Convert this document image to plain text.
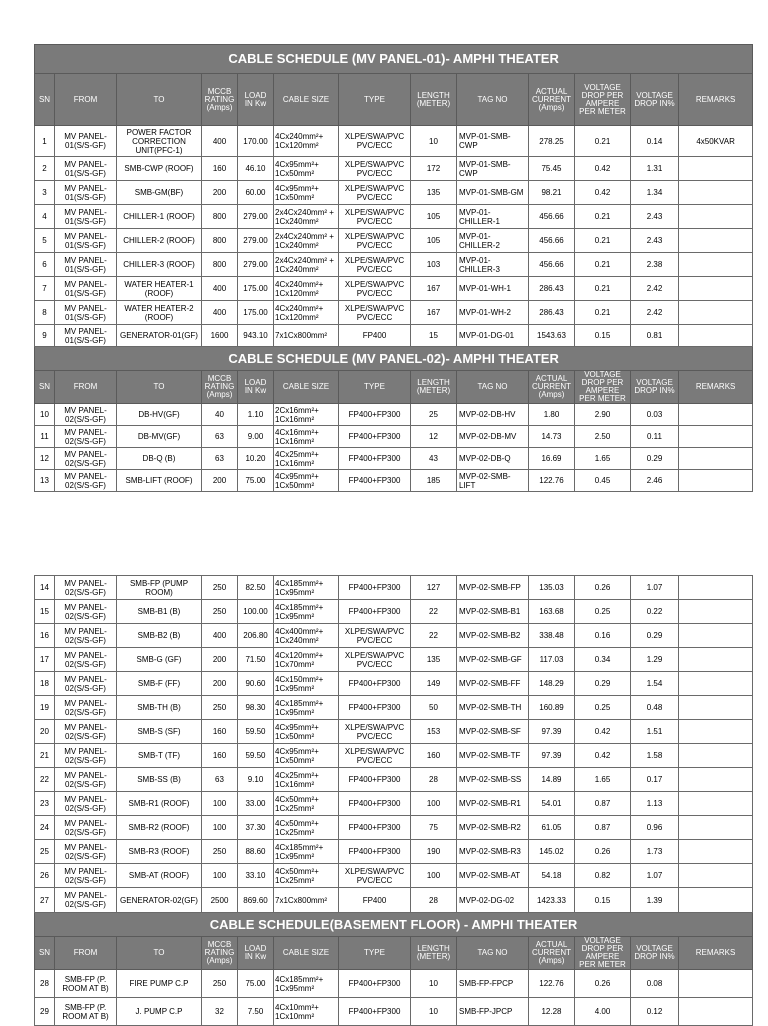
CABLE SCHEDULE (MV PANEL-01)- AMPHI THEATER												
SN	FROM	TO	MCCB RATING (Amps)	LOAD IN Kw	CABLE SIZE	TYPE	LENGTH (METER)	TAG NO	ACTUAL CURRENT (Amps)	VOLTAGE DROP PER AMPERE PER METER	VOLTAGE DROP IN%	REMARKS
1	MV PANEL-01(S/S-GF)	POWER FACTOR CORRECTION UNIT(PFC-1)	400	170.00	4Cx240mm²+ 1Cx120mm²	XLPE/SWA/PVC PVC/ECC	10	MVP-01-SMB-CWP	278.25	0.21	0.14	4x50KVAR
2	MV PANEL-01(S/S-GF)	SMB-CWP (ROOF)	160	46.10	4Cx95mm²+ 1Cx50mm²	XLPE/SWA/PVC PVC/ECC	172	MVP-01-SMB-CWP	75.45	0.42	1.31	
3	MV PANEL-01(S/S-GF)	SMB-GM(BF)	200	60.00	4Cx95mm²+ 1Cx50mm²	XLPE/SWA/PVC PVC/ECC	135	MVP-01-SMB-GM	98.21	0.42	1.34	
4	MV PANEL-01(S/S-GF)	CHILLER-1 (ROOF)	800	279.00	2x4Cx240mm² + 1Cx240mm²	XLPE/SWA/PVC PVC/ECC	105	MVP-01-CHILLER-1	456.66	0.21	2.43	
5	MV PANEL-01(S/S-GF)	CHILLER-2 (ROOF)	800	279.00	2x4Cx240mm² + 1Cx240mm²	XLPE/SWA/PVC PVC/ECC	105	MVP-01-CHILLER-2	456.66	0.21	2.43	
6	MV PANEL-01(S/S-GF)	CHILLER-3 (ROOF)	800	279.00	2x4Cx240mm² + 1Cx240mm²	XLPE/SWA/PVC PVC/ECC	103	MVP-01-CHILLER-3	456.66	0.21	2.38	
7	MV PANEL-01(S/S-GF)	WATER HEATER-1 (ROOF)	400	175.00	4Cx240mm²+ 1Cx120mm²	XLPE/SWA/PVC PVC/ECC	167	MVP-01-WH-1	286.43	0.21	2.42	
8	MV PANEL-01(S/S-GF)	WATER HEATER-2 (ROOF)	400	175.00	4Cx240mm²+ 1Cx120mm²	XLPE/SWA/PVC PVC/ECC	167	MVP-01-WH-2	286.43	0.21	2.42	
9	MV PANEL-01(S/S-GF)	GENERATOR-01(GF)	1600	943.10	7x1Cx800mm²	FP400	15	MVP-01-DG-01	1543.63	0.15	0.81	
CABLE SCHEDULE (MV PANEL-02)- AMPHI THEATER												
SN	FROM	TO	MCCB RATING (Amps)	LOAD IN Kw	CABLE SIZE	TYPE	LENGTH (METER)	TAG NO	ACTUAL CURRENT (Amps)	VOLTAGE DROP PER AMPERE PER METER	VOLTAGE DROP IN%	REMARKS
10	MV PANEL-02(S/S-GF)	DB-HV(GF)	40	1.10	2Cx16mm²+ 1Cx16mm²	FP400+FP300	25	MVP-02-DB-HV	1.80	2.90	0.03	
11	MV PANEL-02(S/S-GF)	DB-MV(GF)	63	9.00	4Cx16mm²+ 1Cx16mm²	FP400+FP300	12	MVP-02-DB-MV	14.73	2.50	0.11	
12	MV PANEL-02(S/S-GF)	DB-Q (B)	63	10.20	4Cx25mm²+ 1Cx16mm²	FP400+FP300	43	MVP-02-DB-Q	16.69	1.65	0.29	
13	MV PANEL-02(S/S-GF)	SMB-LIFT (ROOF)	200	75.00	4Cx95mm²+ 1Cx50mm²	FP400+FP300	185	MVP-02-SMB-LIFT	122.76	0.45	2.46	
14	MV PANEL-02(S/S-GF)	SMB-FP (PUMP ROOM)	250	82.50	4Cx185mm²+ 1Cx95mm²	FP400+FP300	127	MVP-02-SMB-FP	135.03	0.26	1.07	
15	MV PANEL-02(S/S-GF)	SMB-B1 (B)	250	100.00	4Cx185mm²+ 1Cx95mm²	FP400+FP300	22	MVP-02-SMB-B1	163.68	0.25	0.22	
16	MV PANEL-02(S/S-GF)	SMB-B2 (B)	400	206.80	4Cx400mm²+ 1Cx240mm²	XLPE/SWA/PVC PVC/ECC	22	MVP-02-SMB-B2	338.48	0.16	0.29	
17	MV PANEL-02(S/S-GF)	SMB-G (GF)	200	71.50	4Cx120mm²+ 1Cx70mm²	XLPE/SWA/PVC PVC/ECC	135	MVP-02-SMB-GF	117.03	0.34	1.29	
18	MV PANEL-02(S/S-GF)	SMB-F (FF)	200	90.60	4Cx150mm²+ 1Cx95mm²	FP400+FP300	149	MVP-02-SMB-FF	148.29	0.29	1.54	
19	MV PANEL-02(S/S-GF)	SMB-TH (B)	250	98.30	4Cx185mm²+ 1Cx95mm²	FP400+FP300	50	MVP-02-SMB-TH	160.89	0.25	0.48	
20	MV PANEL-02(S/S-GF)	SMB-S (SF)	160	59.50	4Cx95mm²+ 1Cx50mm²	XLPE/SWA/PVC PVC/ECC	153	MVP-02-SMB-SF	97.39	0.42	1.51	
21	MV PANEL-02(S/S-GF)	SMB-T (TF)	160	59.50	4Cx95mm²+ 1Cx50mm²	XLPE/SWA/PVC PVC/ECC	160	MVP-02-SMB-TF	97.39	0.42	1.58	
22	MV PANEL-02(S/S-GF)	SMB-SS (B)	63	9.10	4Cx25mm²+ 1Cx16mm²	FP400+FP300	28	MVP-02-SMB-SS	14.89	1.65	0.17	
23	MV PANEL-02(S/S-GF)	SMB-R1 (ROOF)	100	33.00	4Cx50mm²+ 1Cx25mm²	FP400+FP300	100	MVP-02-SMB-R1	54.01	0.87	1.13	
24	MV PANEL-02(S/S-GF)	SMB-R2 (ROOF)	100	37.30	4Cx50mm²+ 1Cx25mm²	FP400+FP300	75	MVP-02-SMB-R2	61.05	0.87	0.96	
25	MV PANEL-02(S/S-GF)	SMB-R3 (ROOF)	250	88.60	4Cx185mm²+ 1Cx95mm²	FP400+FP300	190	MVP-02-SMB-R3	145.02	0.26	1.73	
26	MV PANEL-02(S/S-GF)	SMB-AT (ROOF)	100	33.10	4Cx50mm²+ 1Cx25mm²	XLPE/SWA/PVC PVC/ECC	100	MVP-02-SMB-AT	54.18	0.82	1.07	
27	MV PANEL-02(S/S-GF)	GENERATOR-02(GF)	2500	869.60	7x1Cx800mm²	FP400	28	MVP-02-DG-02	1423.33	0.15	1.39	
CABLE SCHEDULE(BASEMENT FLOOR) - AMPHI THEATER												
SN	FROM	TO	MCCB RATING (Amps)	LOAD IN Kw	CABLE SIZE	TYPE	LENGTH (METER)	TAG NO	ACTUAL CURRENT (Amps)	VOLTAGE DROP PER AMPERE PER METER	VOLTAGE DROP IN%	REMARKS
28	SMB-FP (P. ROOM AT B)	FIRE PUMP C.P	250	75.00	4Cx185mm²+ 1Cx95mm²	FP400+FP300	10	SMB-FP-FPCP	122.76	0.26	0.08	
29	SMB-FP (P. ROOM AT B)	J. PUMP C.P	32	7.50	4Cx10mm²+ 1Cx10mm²	FP400+FP300	10	SMB-FP-JPCP	12.28	4.00	0.12	
